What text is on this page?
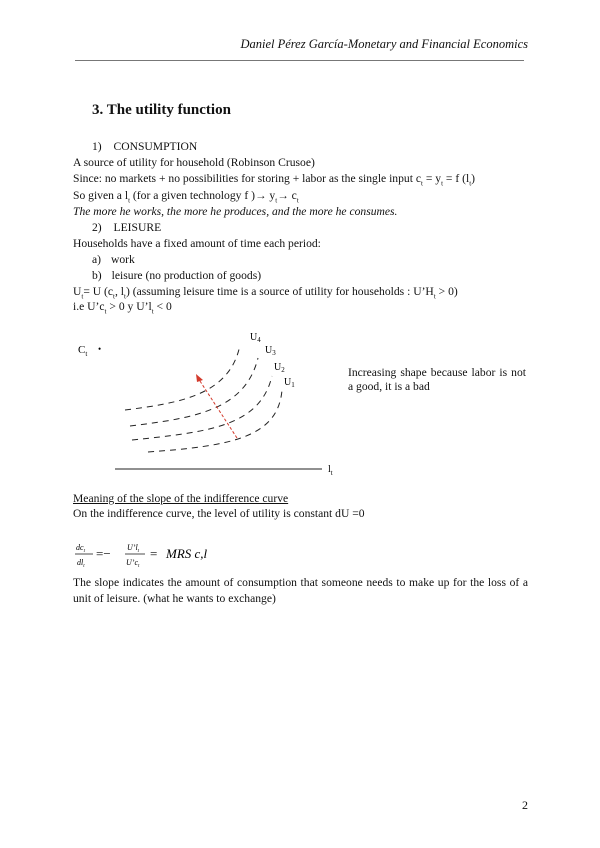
Daniel Pérez García-Monetary and Financial Economics
3. The utility function
1) CONSUMPTION
A source of utility for household (Robinson Crusoe)
Since: no markets + no possibilities for storing + labor as the single input $c_t = y_t = f$ $(l_t)$
So given a $l_t$ (for a given technology f )→ $y_t\to c_t$
The more he works, the more he produces, and the more he consumes.
2) LEISURE
Households have a fixed amount of time each period:
a) work
b) leisure (no production of goods)
$U_t= U$ ($c_t$, $l_t$) (assuming leisure time is a source of utility for households : $U’H_t > 0$)
i.e $U’c_t > 0$ y $U’l_t < 0$
$C_t$ •
$l_t$
$U_4$
$U_3$
$U_2$
$U_1$
Increasing shape because labor is not a good, it is a bad
Meaning of the slope of the indifference curve
On the indifference curve, the level of utility is constant dU =0
$dc_t$
$dl_t$
=− $U’l_t$
$U’c_t$
= MRS c,l
The slope indicates the amount of consumption that someone needs to make up for the loss of a unit of leisure. (what he wants to exchange)
2
